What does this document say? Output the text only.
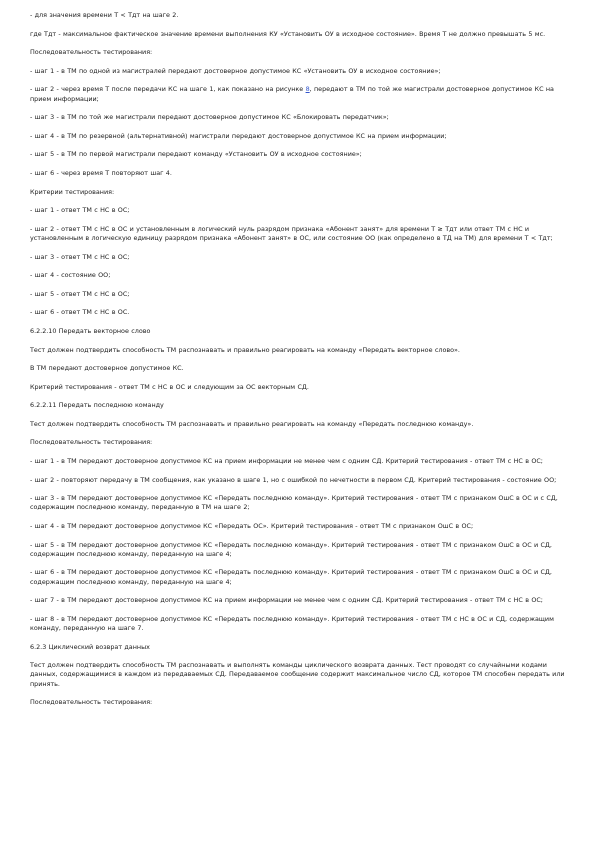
- для значения времени T < Tдт на шаге 2.

где Tдт - максимальное фактическое значение времени выполнения КУ «Установить ОУ в исходное состояние». Время T не должно превышать 5 мс.

Последовательность тестирования:

- шаг 1 - в ТМ по одной из магистралей передают достоверное допустимое КС «Установить ОУ в исходное состояние»;

- шаг 2 - через время T после передачи КС на шаге 1, как показано на рисунке 8, передают в ТМ по той же магистрали достоверное допустимое КС на прием информации;

- шаг 3 - в ТМ по той же магистрали передают достоверное допустимое КС «Блокировать передатчик»;

- шаг 4 - в ТМ по резервной (альтернативной) магистрали передают достоверное допустимое КС на прием информации;

- шаг 5 - в ТМ по первой магистрали передают команду «Установить ОУ в исходное состояние»;

- шаг 6 - через время T повторяют шаг 4.

Критерии тестирования:

- шаг 1 - ответ ТМ с НС в ОС;

- шаг 2 - ответ ТМ с НС в ОС и установленным в логический нуль разрядом признака «Абонент занят» для времени T ≥ Tдт или ответ ТМ с НС и установленным в логическую единицу разрядом признака «Абонент занят» в ОС, или состояние ОО (как определено в ТД на ТМ) для времени T < Tдт;

- шаг 3 - ответ ТМ с НС в ОС;

- шаг 4 - состояние ОО;

- шаг 5 - ответ ТМ с НС в ОС;

- шаг 6 - ответ ТМ с НС в ОС.

6.2.2.10 Передать векторное слово

Тест должен подтвердить способность ТМ распознавать и правильно реагировать на команду «Передать векторное слово».

В ТМ передают достоверное допустимое КС.

Критерий тестирования - ответ ТМ с НС в ОС и следующим за ОС векторным СД.

6.2.2.11 Передать последнюю команду

Тест должен подтвердить способность ТМ распознавать и правильно реагировать на команду «Передать последнюю команду».

Последовательность тестирования:

- шаг 1 - в ТМ передают достоверное допустимое КС на прием информации не менее чем с одним СД. Критерий тестирования - ответ ТМ с НС в ОС;

- шаг 2 - повторяют передачу в ТМ сообщения, как указано в шаге 1, но с ошибкой по нечетности в первом СД. Критерий тестирования - состояние ОО;

- шаг 3 - в ТМ передают достоверное допустимое КС «Передать последнюю команду». Критерий тестирования - ответ ТМ с признаком ОшС в ОС и с СД, содержащим последнюю команду, переданную в ТМ на шаге 2;

- шаг 4 - в ТМ передают достоверное допустимое КС «Передать ОС». Критерий тестирования - ответ ТМ с признаком ОшС в ОС;

- шаг 5 - в ТМ передают достоверное допустимое КС «Передать последнюю команду». Критерий тестирования - ответ ТМ с признаком ОшС в ОС и СД, содержащим последнюю команду, переданную на шаге 4;

- шаг 6 - в ТМ передают достоверное допустимое КС «Передать последнюю команду». Критерий тестирования - ответ ТМ с признаком ОшС в ОС и СД, содержащим последнюю команду, переданную на шаге 4;

- шаг 7 - в ТМ передают достоверное допустимое КС на прием информации не менее чем с одним СД. Критерий тестирования - ответ ТМ с НС в ОС;

- шаг 8 - в ТМ передают достоверное допустимое КС «Передать последнюю команду». Критерий тестирования - ответ ТМ с НС в ОС и СД, содержащим команду, переданную на шаге 7.

6.2.3 Циклический возврат данных

Тест должен подтвердить способность ТМ распознавать и выполнять команды циклического возврата данных. Тест проводят со случайными кодами данных, содержащимися в каждом из передаваемых СД. Передаваемое сообщение содержит максимальное число СД, которое ТМ способен передать или принять.

Последовательность тестирования:
